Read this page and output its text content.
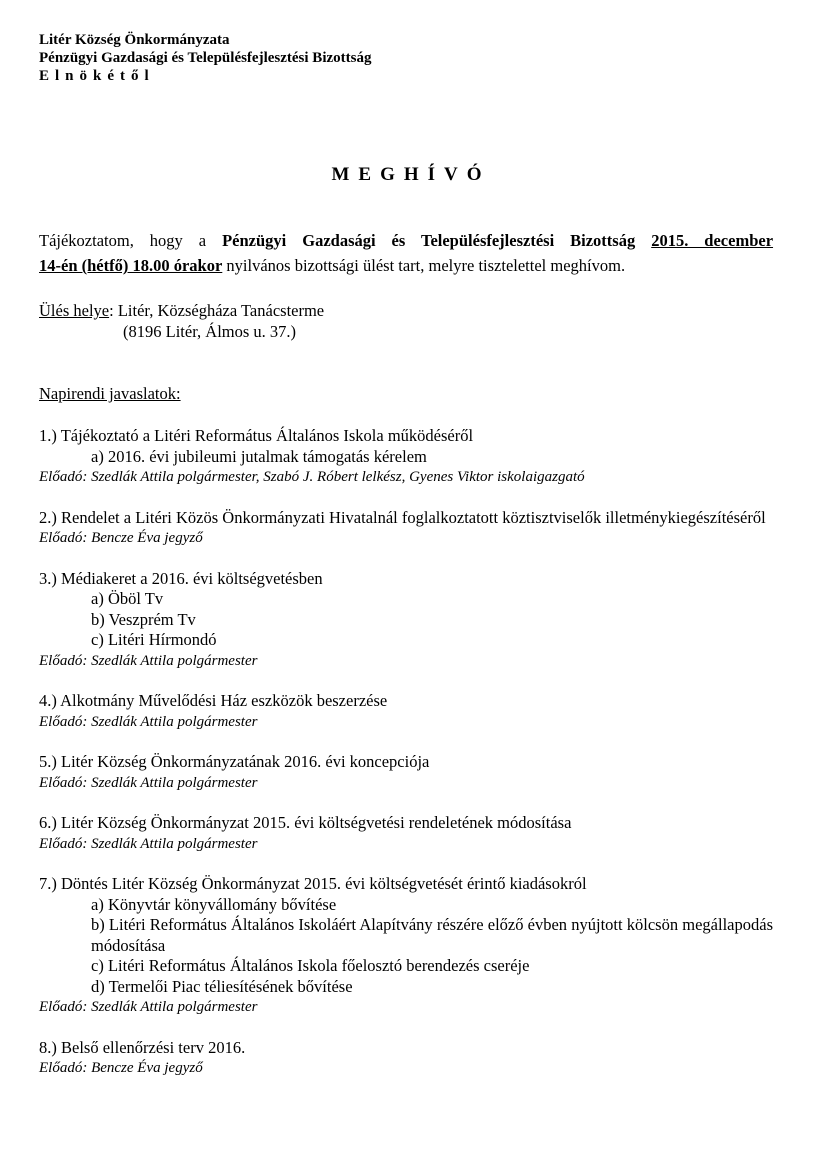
Litér Község Önkormányzata
Pénzügyi Gazdasági és Településfejlesztési Bizottság
Elnökétől
MEGHÍVÓ
Tájékoztatom, hogy a Pénzügyi Gazdasági és Településfejlesztési Bizottság 2015. december
14-én (hétfő) 18.00 órakor nyilvános bizottsági ülést tart, melyre tisztelettel meghívom.
Ülés helye: Litér, Községháza Tanácsterme
(8196 Litér, Álmos u. 37.)
Napirendi javaslatok:
1.) Tájékoztató a Litéri Református Általános Iskola működéséről
a) 2016. évi jubileumi jutalmak támogatás kérelem
Előadó: Szedlák Attila polgármester, Szabó J. Róbert lelkész, Gyenes Viktor iskolaigazgató
2.) Rendelet a Litéri Közös Önkormányzati Hivatalnál foglalkoztatott köztisztviselők illetménykiegészítéséről
Előadó: Bencze Éva jegyző
3.) Médiakeret a 2016. évi költségvetésben
a) Öböl Tv
b) Veszprém Tv
c) Litéri Hírmondó
Előadó: Szedlák Attila polgármester
4.) Alkotmány Művelődési Ház eszközök beszerzése
Előadó: Szedlák Attila polgármester
5.) Litér Község Önkormányzatának 2016. évi koncepciója
Előadó: Szedlák Attila polgármester
6.) Litér Község Önkormányzat 2015. évi költségvetési rendeletének módosítása
Előadó: Szedlák Attila polgármester
7.) Döntés Litér Község Önkormányzat 2015. évi költségvetését érintő kiadásokról
a) Könyvtár könyvállomány bővítése
b) Litéri Református Általános Iskoláért Alapítvány részére előző évben nyújtott kölcsön megállapodás módosítása
c) Litéri Református Általános Iskola főelosztó berendezés cseréje
d) Termelői Piac téliesítésének bővítése
Előadó: Szedlák Attila polgármester
8.) Belső ellenőrzési terv 2016.
Előadó: Bencze Éva jegyző
